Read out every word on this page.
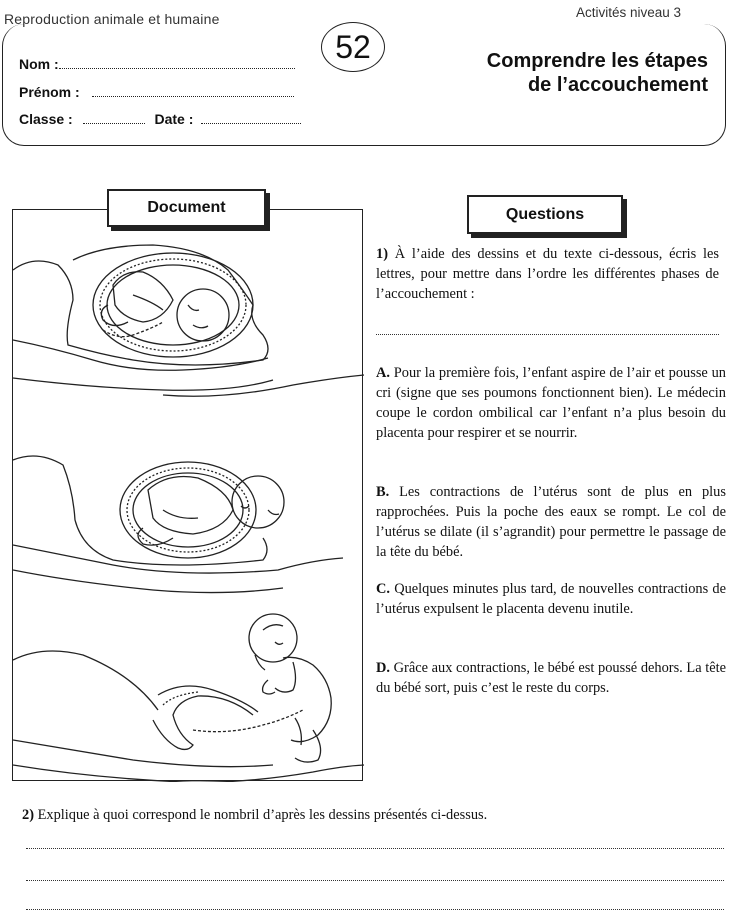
Reproduction animale et humaine	Activités niveau 3
52
Nom :
Prénom :
Classe :	Date :
Comprendre les étapes
de l’accouchement
Document	Questions
1) À l’aide des dessins et du texte ci-dessous, écris les lettres, pour mettre dans l’ordre les différentes phases de l’accouchement :
A. Pour la première fois, l’enfant aspire de l’air et pousse un cri (signe que ses poumons fonctionnent bien). Le médecin coupe le cordon ombilical car l’enfant n’a plus besoin du placenta pour respirer et se nourrir.
B. Les contractions de l’utérus sont de plus en plus rapprochées. Puis la poche des eaux se rompt. Le col de l’utérus se dilate (il s’agrandit) pour permettre le passage de la tête du bébé.
C. Quelques minutes plus tard, de nouvelles contractions de l’utérus expulsent le placenta devenu inutile.
D. Grâce aux contractions, le bébé est poussé dehors. La tête du bébé sort, puis c’est le reste du corps.
2) Explique à quoi correspond le nombril d’après les dessins présentés ci-dessus.
